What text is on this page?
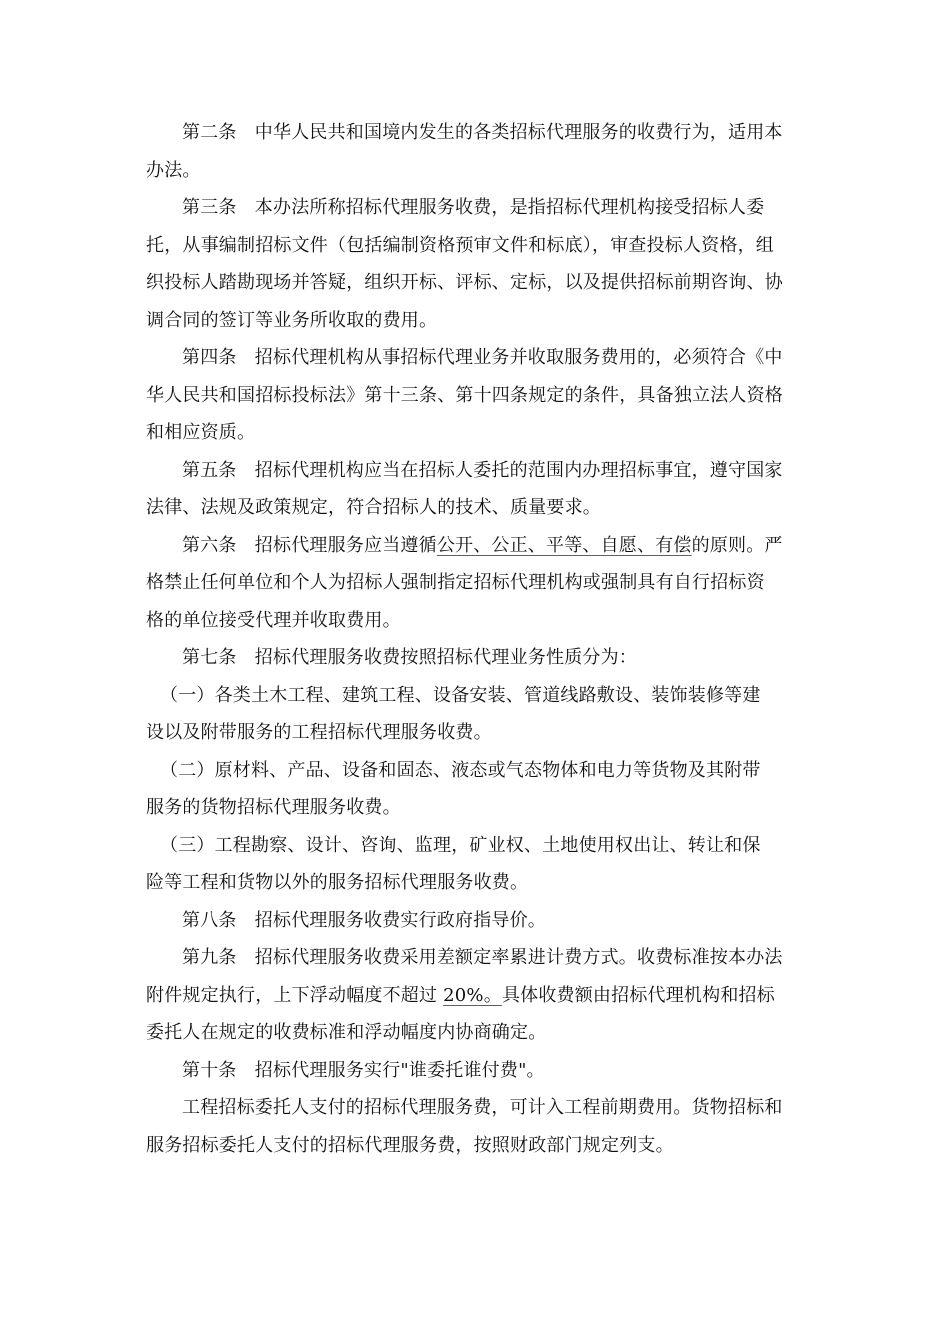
第二条　中华人民共和国境内发生的各类招标代理服务的收费行为，适用本
办法。
第三条　本办法所称招标代理服务收费，是指招标代理机构接受招标人委
托，从事编制招标文件（包括编制资格预审文件和标底），审查投标人资格，组
织投标人踏勘现场并答疑，组织开标、评标、定标，以及提供招标前期咨询、协
调合同的签订等业务所收取的费用。
第四条　招标代理机构从事招标代理业务并收取服务费用的，必须符合《中
华人民共和国招标投标法》第十三条、第十四条规定的条件，具备独立法人资格
和相应资质。
第五条　招标代理机构应当在招标人委托的范围内办理招标事宜，遵守国家
法律、法规及政策规定，符合招标人的技术、质量要求。
第六条　招标代理服务应当遵循公开、公正、平等、自愿、有偿的原则。严
格禁止任何单位和个人为招标人强制指定招标代理机构或强制具有自行招标资
格的单位接受代理并收取费用。
第七条　招标代理服务收费按照招标代理业务性质分为：
（一）各类土木工程、建筑工程、设备安装、管道线路敷设、装饰装修等建
设以及附带服务的工程招标代理服务收费。
（二）原材料、产品、设备和固态、液态或气态物体和电力等货物及其附带
服务的货物招标代理服务收费。
（三）工程勘察、设计、咨询、监理，矿业权、土地使用权出让、转让和保
险等工程和货物以外的服务招标代理服务收费。
第八条　招标代理服务收费实行政府指导价。
第九条　招标代理服务收费采用差额定率累进计费方式。收费标准按本办法
附件规定执行，上下浮动幅度不超过 20%。具体收费额由招标代理机构和招标
委托人在规定的收费标准和浮动幅度内协商确定。
第十条　招标代理服务实行"谁委托谁付费"。
工程招标委托人支付的招标代理服务费，可计入工程前期费用。货物招标和
服务招标委托人支付的招标代理服务费，按照财政部门规定列支。
